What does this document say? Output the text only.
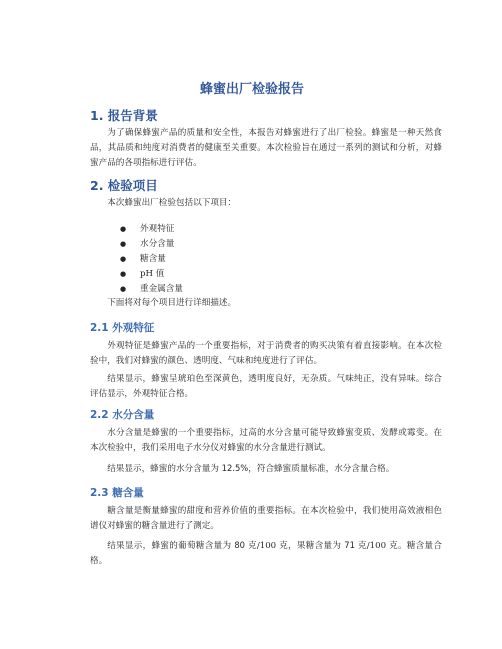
蜂蜜出厂检验报告
1. 报告背景

为了确保蜂蜜产品的质量和安全性，本报告对蜂蜜进行了出厂检验。蜂蜜是一种天然食品，其品质和纯度对消费者的健康至关重要。本次检验旨在通过一系列的测试和分析，对蜂蜜产品的各项指标进行评估。

2. 检验项目

本次蜂蜜出厂检验包括以下项目：

● 外观特征
● 水分含量
● 糖含量
● pH 值
● 重金属含量

下面将对每个项目进行详细描述。

2.1 外观特征

外观特征是蜂蜜产品的一个重要指标，对于消费者的购买决策有着直接影响。在本次检验中，我们对蜂蜜的颜色、透明度、气味和纯度进行了评估。

结果显示，蜂蜜呈琥珀色至深黄色，透明度良好，无杂质。气味纯正，没有异味。综合评估显示，外观特征合格。

2.2 水分含量

水分含量是蜂蜜的一个重要指标，过高的水分含量可能导致蜂蜜变质、发酵或霉变。在本次检验中，我们采用电子水分仪对蜂蜜的水分含量进行测试。

结果显示，蜂蜜的水分含量为 12.5%，符合蜂蜜质量标准，水分含量合格。

2.3 糖含量

糖含量是衡量蜂蜜的甜度和营养价值的重要指标。在本次检验中，我们使用高效液相色谱仪对蜂蜜的糖含量进行了测定。

结果显示，蜂蜜的葡萄糖含量为 80 克/100 克，果糖含量为 71 克/100 克。糖含量合格。
